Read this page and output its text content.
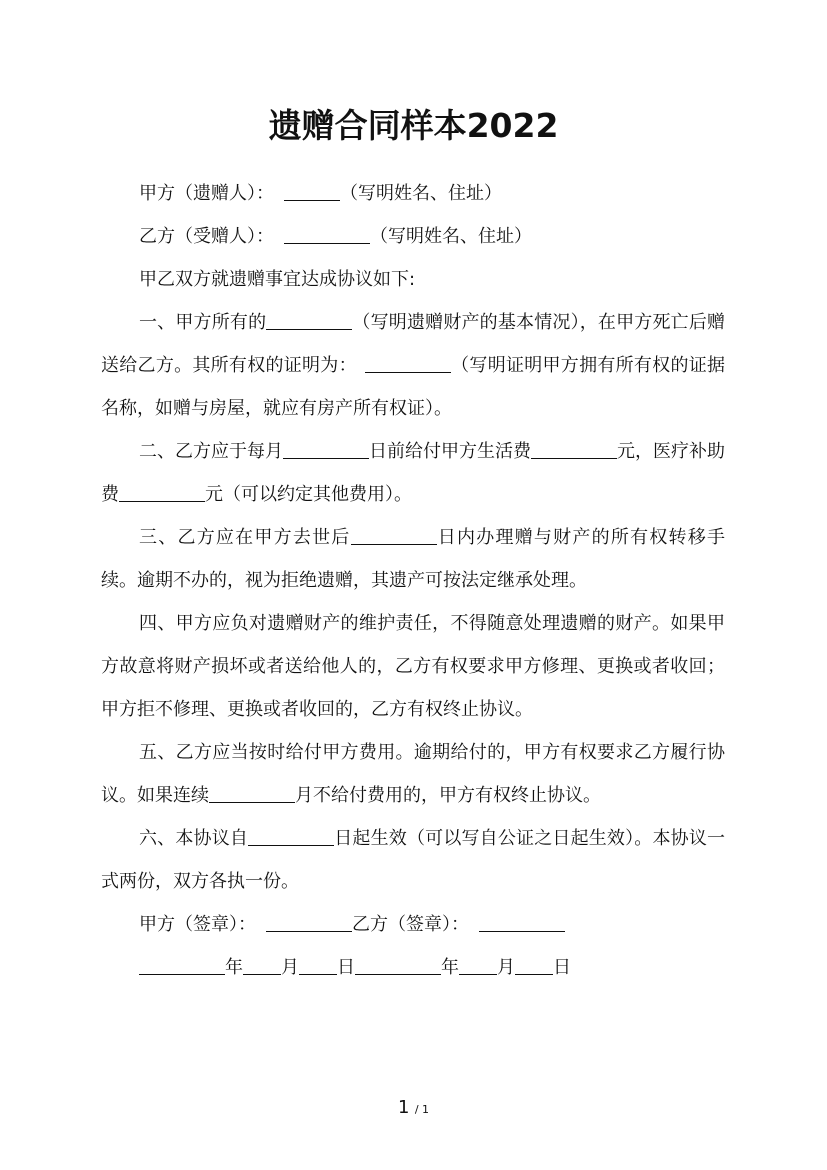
遗赠合同样本2022

甲方（遗赠人）：	（写明姓名、住址）

乙方（受赠人）：	（写明姓名、住址）

甲乙双方就遗赠事宜达成协议如下:

一、甲方所有的	（写明遗赠财产的基本情况），在甲方死亡后赠送给乙方。其所有权的证明为：	（写明证明甲方拥有所有权的证据名称，如赠与房屋，就应有房产所有权证）。

二、乙方应于每月	日前给付甲方生活费	元，医疗补助费	元（可以约定其他费用）。

三、乙方应在甲方去世后	日内办理赠与财产的所有权转移手续。逾期不办的，视为拒绝遗赠，其遗产可按法定继承处理。

四、甲方应负对遗赠财产的维护责任，不得随意处理遗赠的财产。如果甲方故意将财产损坏或者送给他人的，乙方有权要求甲方修理、更换或者收回；甲方拒不修理、更换或者收回的，乙方有权终止协议。

五、乙方应当按时给付甲方费用。逾期给付的，甲方有权要求乙方履行协议。如果连续	月不给付费用的，甲方有权终止协议。

六、本协议自	日起生效（可以写自公证之日起生效）。本协议一式两份，双方各执一份。

甲方（签章）：	乙方（签章）：

年 月 日	年 月 日

1 / 1
